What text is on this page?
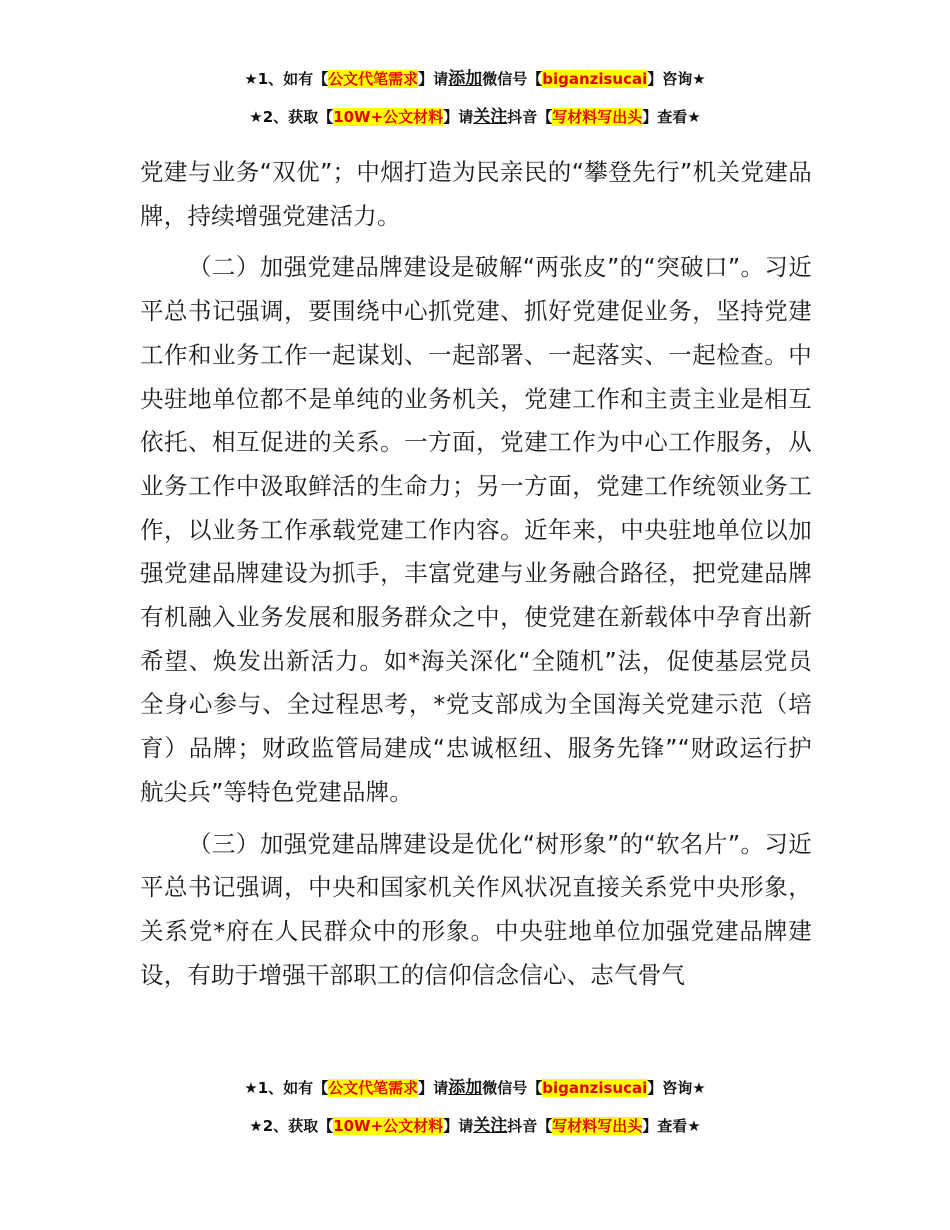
★1、如有【公文代笔需求】请添加微信号【biganzisucai】咨询★
★2、获取【10W+公文材料】请关注抖音【写材料写出头】查看★

党建与业务“双优”；中烟打造为民亲民的“攀登先行”机关党建品牌，持续增强党建活力。

（二）加强党建品牌建设是破解“两张皮”的“突破口”。习近平总书记强调，要围绕中心抓党建、抓好党建促业务，坚持党建工作和业务工作一起谋划、一起部署、一起落实、一起检查。中央驻地单位都不是单纯的业务机关，党建工作和主责主业是相互依托、相互促进的关系。一方面，党建工作为中心工作服务，从业务工作中汲取鲜活的生命力；另一方面，党建工作统领业务工作，以业务工作承载党建工作内容。近年来，中央驻地单位以加强党建品牌建设为抓手，丰富党建与业务融合路径，把党建品牌有机融入业务发展和服务群众之中，使党建在新载体中孕育出新希望、焕发出新活力。如*海关深化“全随机”法，促使基层党员全身心参与、全过程思考，*党支部成为全国海关党建示范（培育）品牌；财政监管局建成“忠诚枢纽、服务先锋”“财政运行护航尖兵”等特色党建品牌。

（三）加强党建品牌建设是优化“树形象”的“软名片”。习近平总书记强调，中央和国家机关作风状况直接关系党中央形象，关系党*府在人民群众中的形象。中央驻地单位加强党建品牌建设，有助于增强干部职工的信仰信念信心、志气骨气

★1、如有【公文代笔需求】请添加微信号【biganzisucai】咨询★
★2、获取【10W+公文材料】请关注抖音【写材料写出头】查看★
